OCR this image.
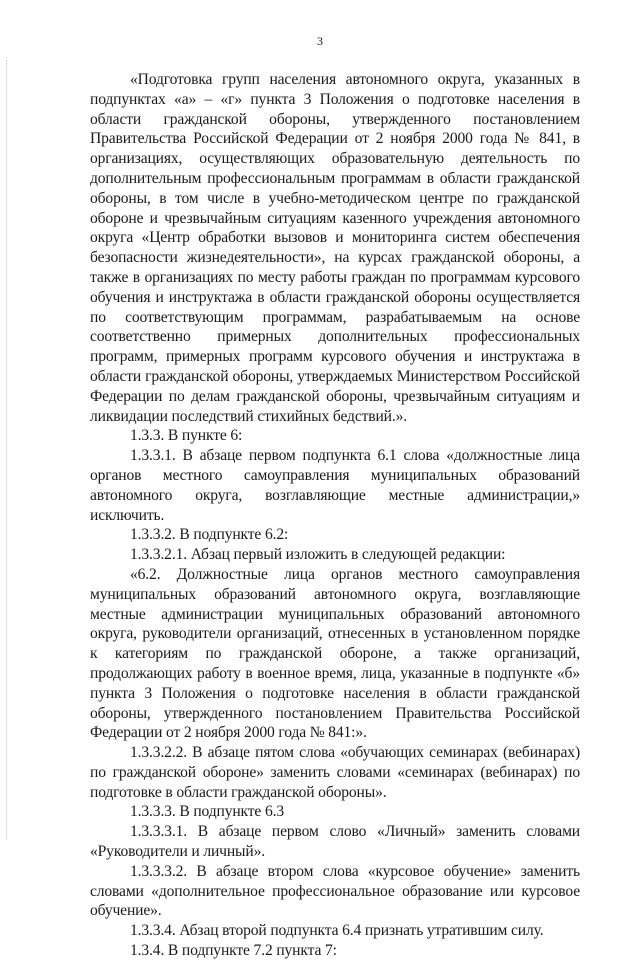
3

«Подготовка групп населения автономного округа, указанных в подпунктах «а» – «г» пункта 3 Положения о подготовке населения в области гражданской обороны, утвержденного постановлением Правительства Российской Федерации от 2 ноября 2000 года № 841, в организациях, осуществляющих образовательную деятельность по дополнительным профессиональным программам в области гражданской обороны, в том числе в учебно-методическом центре по гражданской обороне и чрезвычайным ситуациям казенного учреждения автономного округа «Центр обработки вызовов и мониторинга систем обеспечения безопасности жизнедеятельности», на курсах гражданской обороны, а также в организациях по месту работы граждан по программам курсового обучения и инструктажа в области гражданской обороны осуществляется по соответствующим программам, разрабатываемым на основе соответственно примерных дополнительных профессиональных программ, примерных программ курсового обучения и инструктажа в области гражданской обороны, утверждаемых Министерством Российской Федерации по делам гражданской обороны, чрезвычайным ситуациям и ликвидации последствий стихийных бедствий.».

1.3.3. В пункте 6:

1.3.3.1. В абзаце первом подпункта 6.1 слова «должностные лица органов местного самоуправления муниципальных образований автономного округа, возглавляющие местные администрации,» исключить.

1.3.3.2. В подпункте 6.2:

1.3.3.2.1. Абзац первый изложить в следующей редакции:

«6.2. Должностные лица органов местного самоуправления муниципальных образований автономного округа, возглавляющие местные администрации муниципальных образований автономного округа, руководители организаций, отнесенных в установленном порядке к категориям по гражданской обороне, а также организаций, продолжающих работу в военное время, лица, указанные в подпункте «б» пункта 3 Положения о подготовке населения в области гражданской обороны, утвержденного постановлением Правительства Российской Федерации от 2 ноября 2000 года № 841:».

1.3.3.2.2. В абзаце пятом слова «обучающих семинарах (вебинарах) по гражданской обороне» заменить словами «семинарах (вебинарах) по подготовке в области гражданской обороны».

1.3.3.3. В подпункте 6.3

1.3.3.3.1. В абзаце первом слово «Личный» заменить словами «Руководители и личный».

1.3.3.3.2. В абзаце втором слова «курсовое обучение» заменить словами «дополнительное профессиональное образование или курсовое обучение».

1.3.3.4. Абзац второй подпункта 6.4 признать утратившим силу.

1.3.4. В подпункте 7.2 пункта 7:
